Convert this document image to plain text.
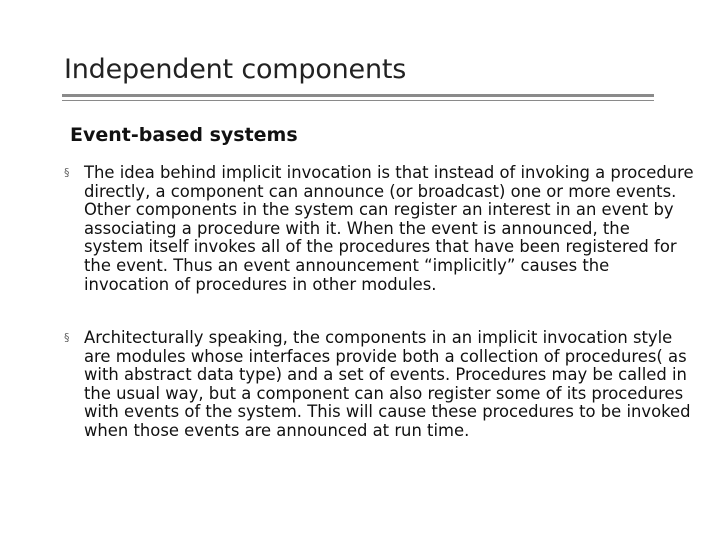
Independent components
Event-based systems
§ The idea behind implicit invocation is that instead of invoking a procedure directly, a component can announce (or broadcast) one or more events. Other components in the system can register an interest in an event by associating a procedure with it. When the event is announced, the system itself invokes all of the procedures that have been registered for the event. Thus an event announcement “implicitly” causes the invocation of procedures in other modules.
§ Architecturally speaking, the components in an implicit invocation style are modules whose interfaces provide both a collection of procedures( as with abstract data type) and a set of events. Procedures may be called in the usual way, but a component can also register some of its procedures with events of the system. This will cause these procedures to be invoked when those events are announced at run time.
